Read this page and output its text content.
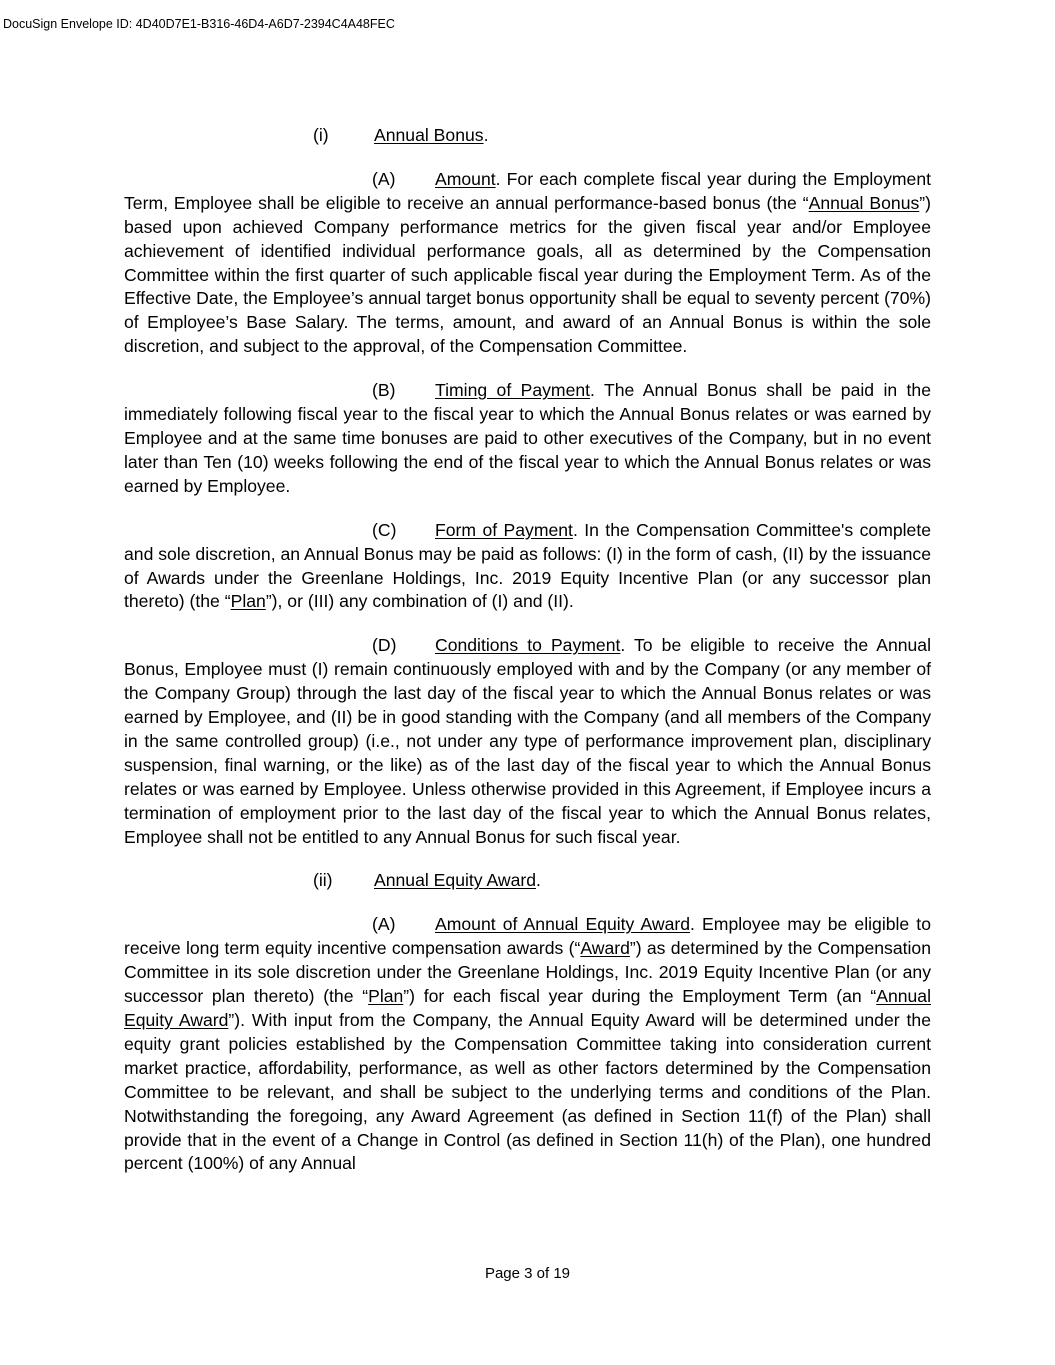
DocuSign Envelope ID: 4D40D7E1-B316-46D4-A6D7-2394C4A48FEC
(i)	Annual Bonus.
(A) Amount. For each complete fiscal year during the Employment Term, Employee shall be eligible to receive an annual performance-based bonus (the “Annual Bonus”) based upon achieved Company performance metrics for the given fiscal year and/or Employee achievement of identified individual performance goals, all as determined by the Compensation Committee within the first quarter of such applicable fiscal year during the Employment Term. As of the Effective Date, the Employee’s annual target bonus opportunity shall be equal to seventy percent (70%) of Employee’s Base Salary. The terms, amount, and award of an Annual Bonus is within the sole discretion, and subject to the approval, of the Compensation Committee.
(B) Timing of Payment. The Annual Bonus shall be paid in the immediately following fiscal year to the fiscal year to which the Annual Bonus relates or was earned by Employee and at the same time bonuses are paid to other executives of the Company, but in no event later than Ten (10) weeks following the end of the fiscal year to which the Annual Bonus relates or was earned by Employee.
(C) Form of Payment. In the Compensation Committee's complete and sole discretion, an Annual Bonus may be paid as follows: (I) in the form of cash, (II) by the issuance of Awards under the Greenlane Holdings, Inc. 2019 Equity Incentive Plan (or any successor plan thereto) (the “Plan”), or (III) any combination of (I) and (II).
(D) Conditions to Payment. To be eligible to receive the Annual Bonus, Employee must (I) remain continuously employed with and by the Company (or any member of the Company Group) through the last day of the fiscal year to which the Annual Bonus relates or was earned by Employee, and (II) be in good standing with the Company (and all members of the Company in the same controlled group) (i.e., not under any type of performance improvement plan, disciplinary suspension, final warning, or the like) as of the last day of the fiscal year to which the Annual Bonus relates or was earned by Employee. Unless otherwise provided in this Agreement, if Employee incurs a termination of employment prior to the last day of the fiscal year to which the Annual Bonus relates, Employee shall not be entitled to any Annual Bonus for such fiscal year.
(ii) Annual Equity Award.
(A) Amount of Annual Equity Award. Employee may be eligible to receive long term equity incentive compensation awards (“Award”) as determined by the Compensation Committee in its sole discretion under the Greenlane Holdings, Inc. 2019 Equity Incentive Plan (or any successor plan thereto) (the “Plan”) for each fiscal year during the Employment Term (an “Annual Equity Award”). With input from the Company, the Annual Equity Award will be determined under the equity grant policies established by the Compensation Committee taking into consideration current market practice, affordability, performance, as well as other factors determined by the Compensation Committee to be relevant, and shall be subject to the underlying terms and conditions of the Plan. Notwithstanding the foregoing, any Award Agreement (as defined in Section 11(f) of the Plan) shall provide that in the event of a Change in Control (as defined in Section 11(h) of the Plan), one hundred percent (100%) of any Annual
Page 3 of 19
